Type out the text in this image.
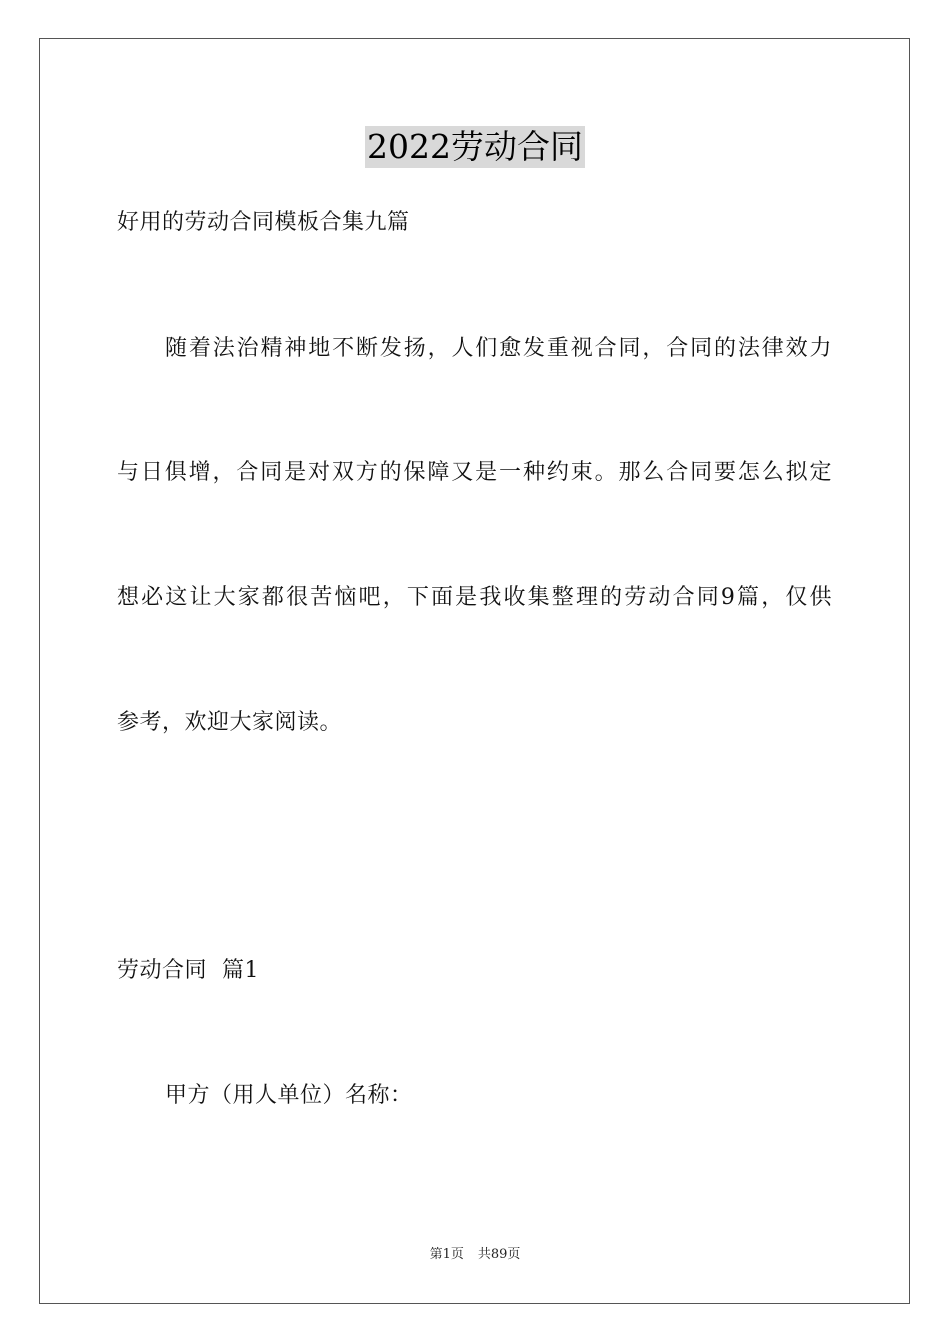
2022劳动合同

好用的劳动合同模板合集九篇

随着法治精神地不断发扬，人们愈发重视合同，合同的法律效力

与日俱增，合同是对双方的保障又是一种约束。那么合同要怎么拟定

想必这让大家都很苦恼吧，下面是我收集整理的劳动合同9篇，仅供

参考，欢迎大家阅读。

劳动合同  篇1

甲方（用人单位）名称：

第1页 共89页
